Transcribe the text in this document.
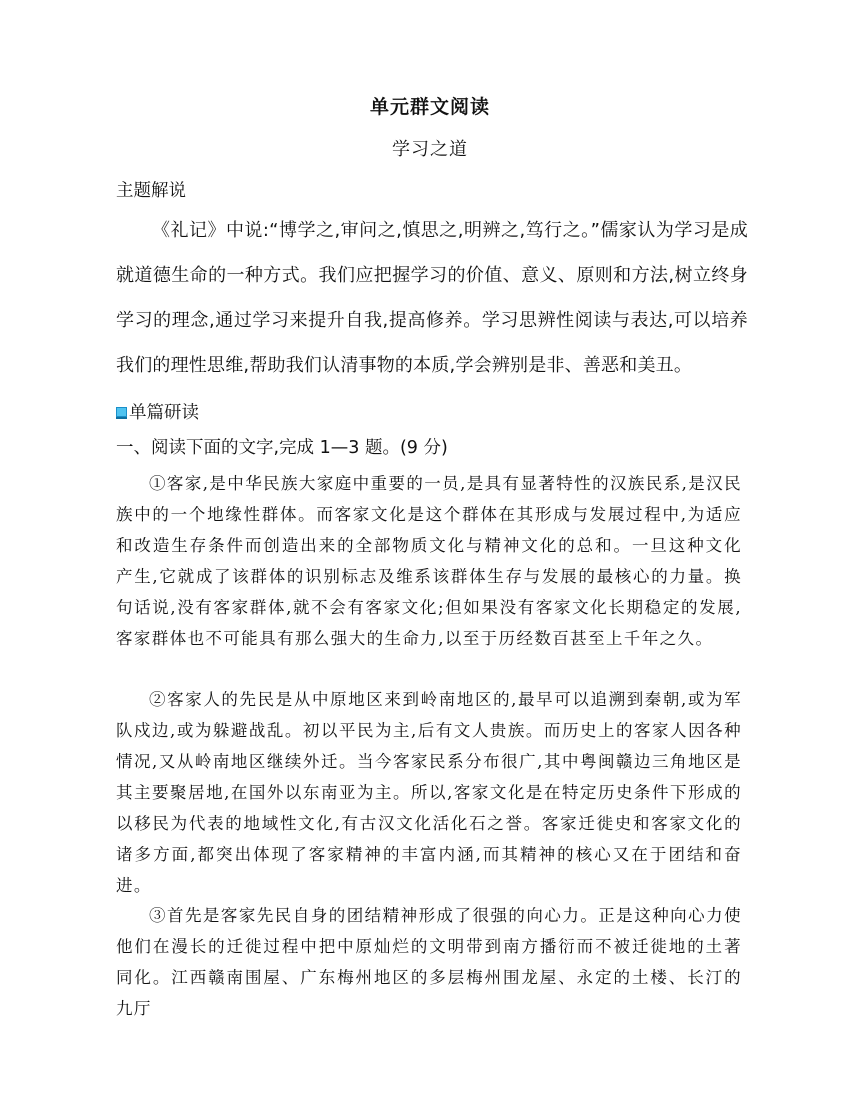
单元群文阅读
学习之道
主题解说
《礼记》中说:“博学之,审问之,慎思之,明辨之,笃行之。”儒家认为学习是成就道德生命的一种方式。我们应把握学习的价值、意义、原则和方法,树立终身学习的理念,通过学习来提升自我,提高修养。学习思辨性阅读与表达,可以培养我们的理性思维,帮助我们认清事物的本质,学会辨别是非、善恶和美丑。
单篇研读
一、阅读下面的文字,完成 1—3 题。(9 分)

①客家,是中华民族大家庭中重要的一员,是具有显著特性的汉族民系,是汉民族中的一个地缘性群体。而客家文化是这个群体在其形成与发展过程中,为适应和改造生存条件而创造出来的全部物质文化与精神文化的总和。一旦这种文化产生,它就成了该群体的识别标志及维系该群体生存与发展的最核心的力量。换句话说,没有客家群体,就不会有客家文化;但如果没有客家文化长期稳定的发展,客家群体也不可能具有那么强大的生命力,以至于历经数百甚至上千年之久。

②客家人的先民是从中原地区来到岭南地区的,最早可以追溯到秦朝,或为军队戍边,或为躲避战乱。初以平民为主,后有文人贵族。而历史上的客家人因各种情况,又从岭南地区继续外迁。当今客家民系分布很广,其中粤闽赣边三角地区是其主要聚居地,在国外以东南亚为主。所以,客家文化是在特定历史条件下形成的以移民为代表的地域性文化,有古汉文化活化石之誉。客家迁徙史和客家文化的诸多方面,都突出体现了客家精神的丰富内涵,而其精神的核心又在于团结和奋进。

③首先是客家先民自身的团结精神形成了很强的向心力。正是这种向心力使他们在漫长的迁徙过程中把中原灿烂的文明带到南方播衍而不被迁徙地的土著同化。江西赣南围屋、广东梅州地区的多层梅州围龙屋、永定的土楼、长汀的九厅
